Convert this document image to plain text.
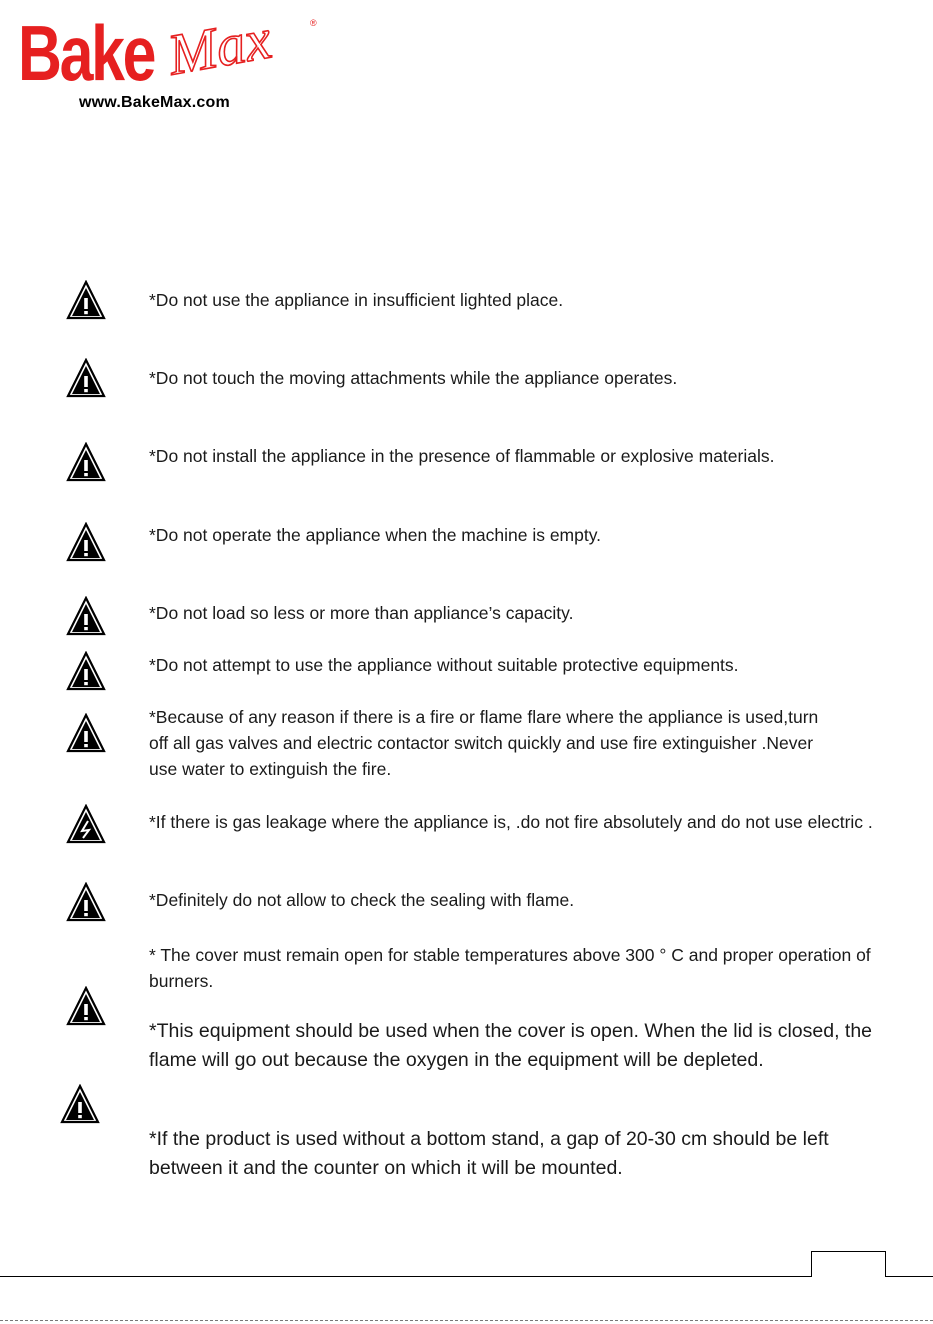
Bake Max	®
www.BakeMax.com
*Do not use the appliance in insufficient lighted place.
*Do not touch the moving attachments while the appliance operates.
*Do not install the appliance in the presence of flammable or explosive materials.
*Do not operate the appliance when the machine is empty.
*Do not load so less or more than appliance’s capacity.
*Do not attempt to use the appliance without suitable protective equipments.
*Because of any reason if there is a fire or flame flare where the appliance is used,turn off all gas valves and electric contactor switch quickly and use fire extinguisher .Never use water to extinguish the fire.
*If there is gas leakage where the appliance is, .do not fire absolutely and do not use electric .
*Definitely do not allow to check the sealing with flame.
* The cover must remain open for stable temperatures above 300 ° C and proper operation of burners.
*This equipment should be used when the cover is open. When the lid is closed, the flame will go out because the oxygen in the equipment will be depleted.
*If the product is used without a bottom stand, a gap of 20-30 cm should be left between it and the counter on which it will be mounted.
